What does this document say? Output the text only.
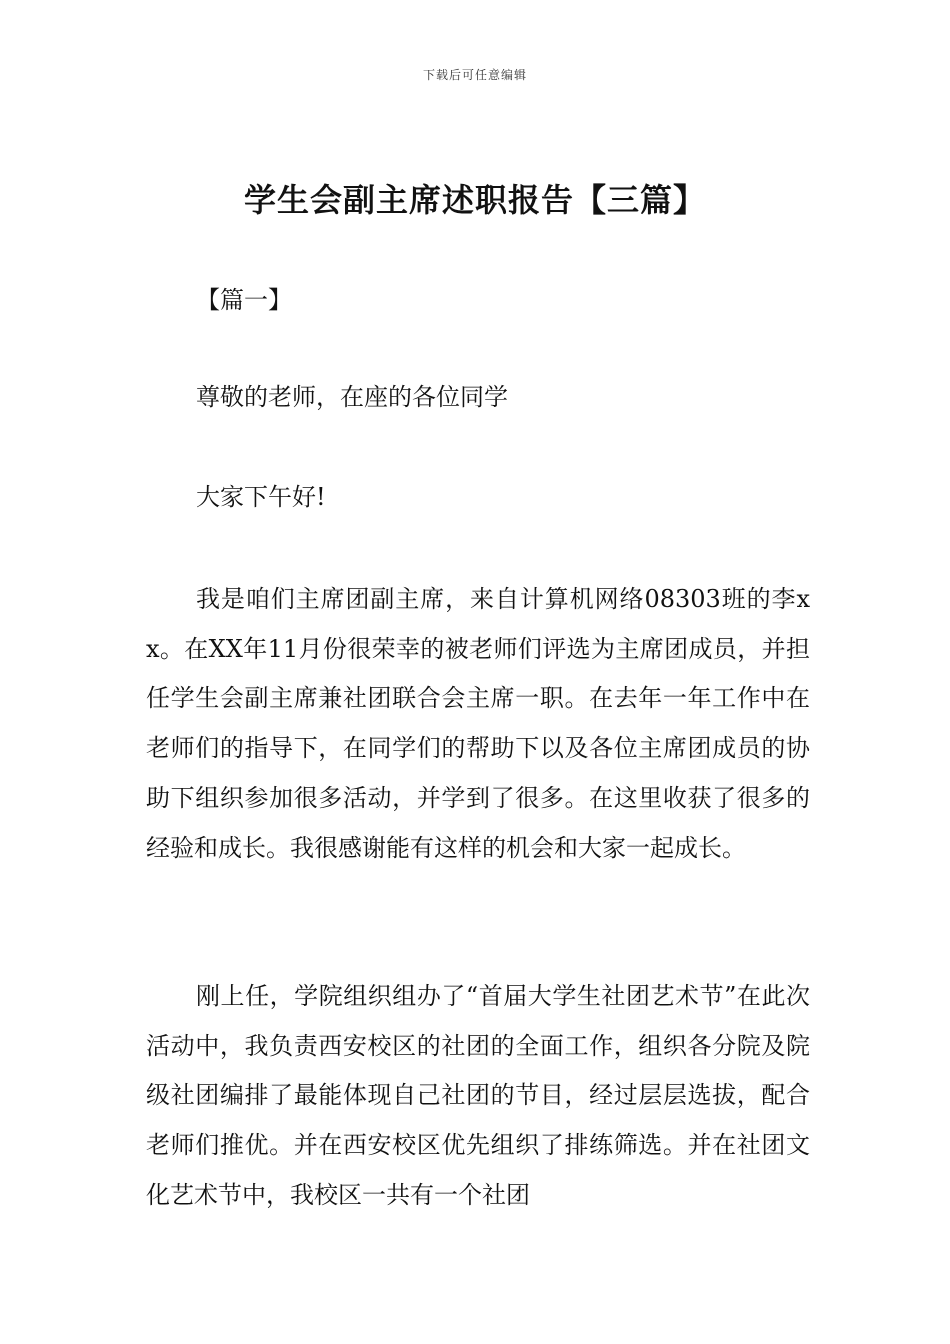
下载后可任意编辑
学生会副主席述职报告【三篇】

【篇一】

尊敬的老师，在座的各位同学

大家下午好!

我是咱们主席团副主席，来自计算机网络08303班的李xx。在XX年11月份很荣幸的被老师们评选为主席团成员，并担任学生会副主席兼社团联合会主席一职。在去年一年工作中在老师们的指导下，在同学们的帮助下以及各位主席团成员的协助下组织参加很多活动，并学到了很多。在这里收获了很多的经验和成长。我很感谢能有这样的机会和大家一起成长。

刚上任，学院组织组办了“首届大学生社团艺术节”在此次活动中，我负责西安校区的社团的全面工作，组织各分院及院级社团编排了最能体现自己社团的节目，经过层层选拔，配合老师们推优。并在西安校区优先组织了排练筛选。并在社团文化艺术节中，我校区一共有一个社团
